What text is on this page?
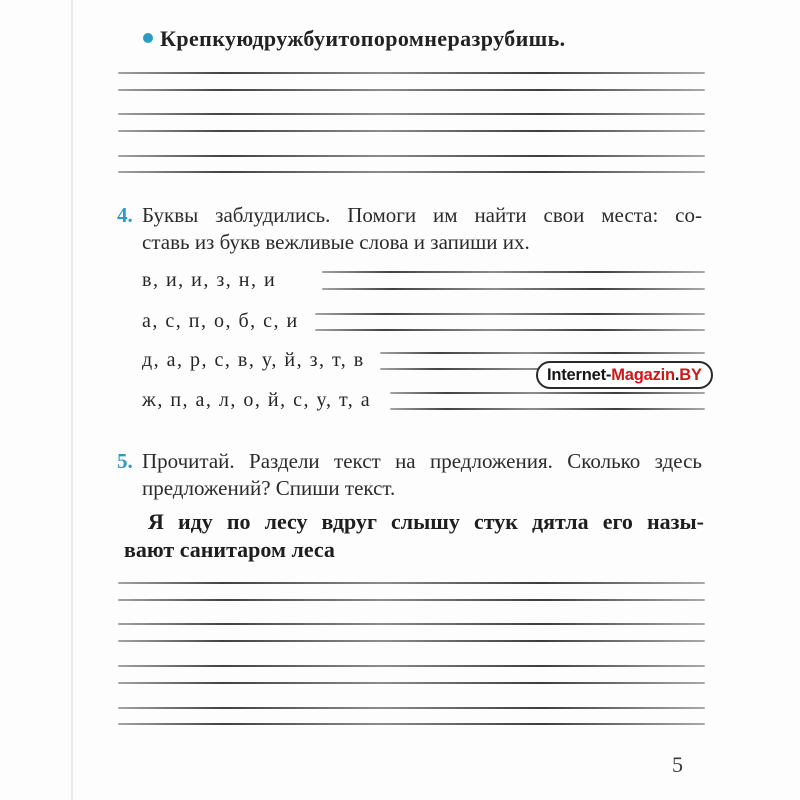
Крепкуюдружбуитопоромнеразрубишь.
4. Буквы заблудились. Помоги им найти свои места: со-
ставь из букв вежливые слова и запиши их.
в, и, и, з, н, и
а, с, п, о, б, с, и
д, а, р, с, в, у, й, з, т, в
ж, п, а, л, о, й, с, у, т, а
Internet- Magazin . BY
5. Прочитай. Раздели текст на предложения. Сколько здесь
предложений? Спиши текст.
Я иду по лесу вдруг слышу стук дятла его назы-
вают санитаром леса
5
